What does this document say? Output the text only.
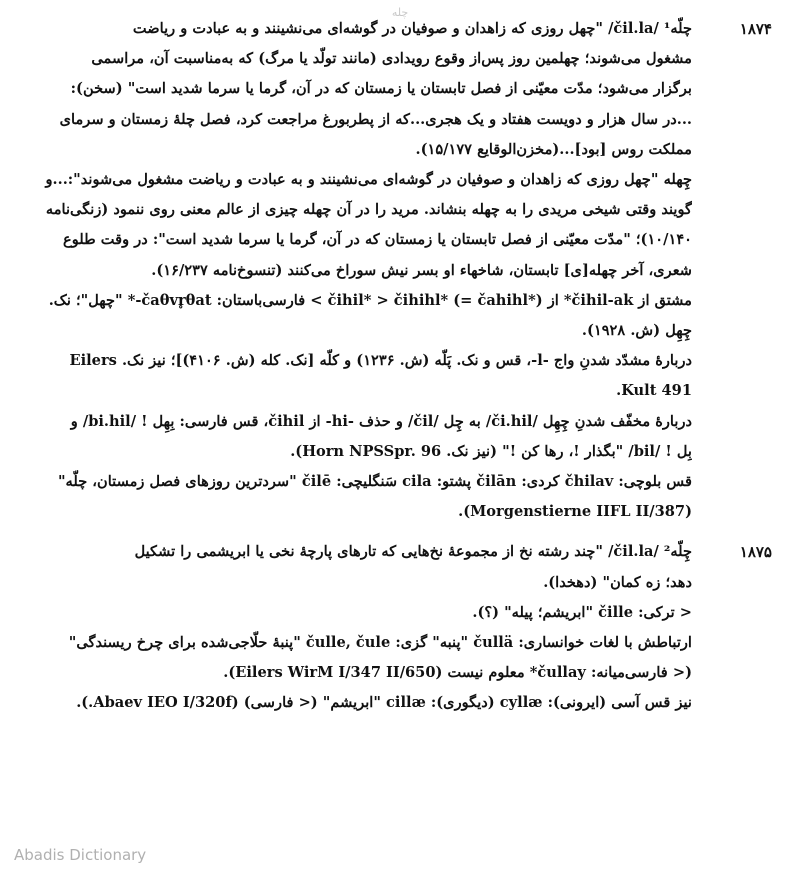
چله
۱۸۷۴
چلّه¹ /čil.la/ "چهل روزی که زاهدان و صوفیان در گوشه‌ای می‌نشینند و به عبادت و ریاضت
مشغول می‌شوند؛ چهلمین روز پس‌از وقوع رویدادی (مانند تولّد یا مرگ) که به‌مناسبت آن، مراسمی
برگزار می‌شود؛ مدّت معیّنی از فصل تابستان یا زمستان که در آن، گرما یا سرما شدید است" (سخن):
...در سال هزار و دویست هفتاد و یک هجری...که از پطربورغ مراجعت کرد، فصل چلهٔ زمستان و سرمای
مملکت روس [بود]...(مخزن‌الوقایع ۱۵/۱۷۷).
چِهله "چهل روزی که زاهدان و صوفیان در گوشه‌ای می‌نشینند و به عبادت و ریاضت مشغول می‌شوند":...و
گویند وقتی شیخی مریدی را به چهله بنشاند. مرید را در آن چهله چیزی از عالم معنی روی ننمود (زنگی‌نامه
۱۰/۱۴۰)؛ "مدّت معیّنی از فصل تابستان یا زمستان که در آن، گرما یا سرما شدید است": در وقت طلوع
شعری، آخر چهله[ی] تابستان، شاخهاء او بسر نیش سوراخ می‌کنند (تنسوخ‌نامه ۱۶/۲۳۷).
مشتق از čihil-ak* از čihil* > čihihl* (= čahihl*) > فارسی‌باستان: čaθvr̥θat-* "چهل"؛ نک.
چِهِل (ش. ۱۹۲۸).
دربارهٔ مشدّد شدنِ واج -l-، قس و نک. پَلّه (ش. ۱۲۳۶) و کلّه [نک. کله (ش. ۴۱۰۶)]؛ نیز نک. Eilers
Kult 491.
دربارهٔ مخفّف شدنِ چِهِل /či.hil/ به چِل /čil/ و حذف -hi- از čihil، قس فارسی: بِهِل ! /bi.hil/ و
بِل ! /bil/ "بگذار !، رها کن !" (نیز نک. Horn NPSSpr. 96).
قس بلوچی: čhilav کردی: čilān پشتو: cila سَنگلیچی: čilē "سردترین روزهای فصل زمستان، چلّه"
(Morgenstierne IIFL II/387).
۱۸۷۵
چِلّه² /čil.la/ "چند رشته نخ از مجموعهٔ نخ‌هایی که تارهای پارچهٔ نخی یا ابریشمی را تشکیل
دهد؛ زه کمان" (دهخدا).
< ترکی: čille "ابریشم؛ پیله" (؟).
ارتباطش با لغات خوانساری: čullä "پنبه" گزی: čulle, čule "پنبهٔ حلّاجی‌شده برای چرخ ریسندگی"
(< فارسی‌میانه: čullay* معلوم نیست (Eilers WirM I/347 II/650).
نیز قس آسی (ایرونی): cyllæ (دیگوری): cillæ "ابریشم" (< فارسی) (Abaev IEO I/320f.).
Abadis Dictionary
